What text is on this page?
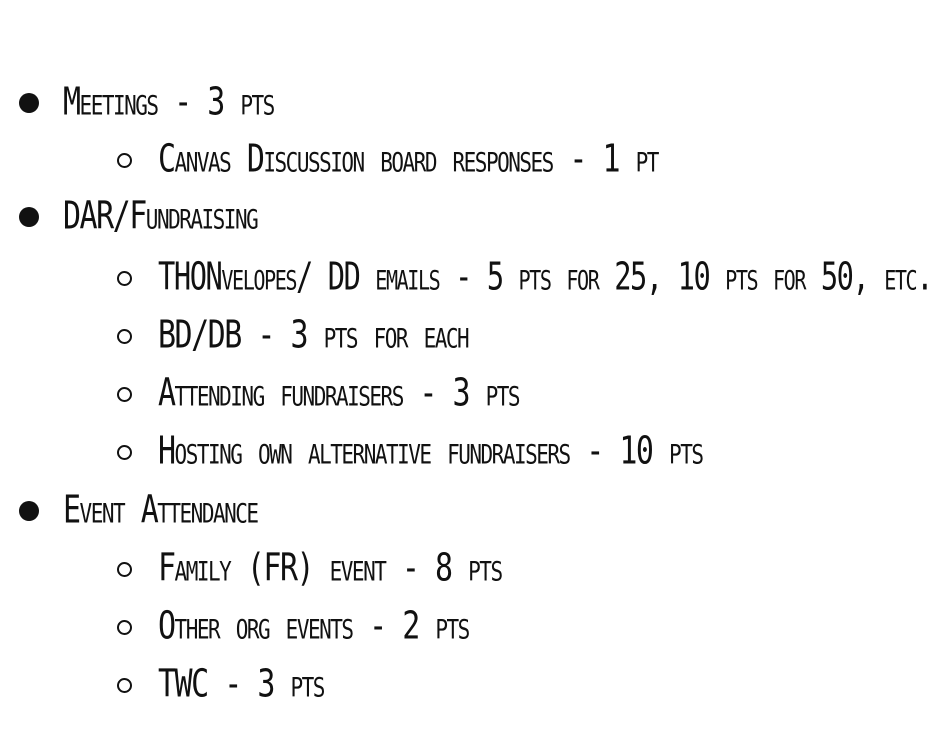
Meetings - 3 pts
Canvas Discussion board responses - 1 pt
DAR/Fundraising
THONvelopes/ DD emails - 5 pts for 25, 10 pts for 50, etc.
BD/DB - 3 pts for each
Attending fundraisers - 3 pts
Hosting own alternative fundraisers - 10 pts
Event Attendance
Family (FR) event - 8 pts
Other org events - 2 pts
TWC - 3 pts
